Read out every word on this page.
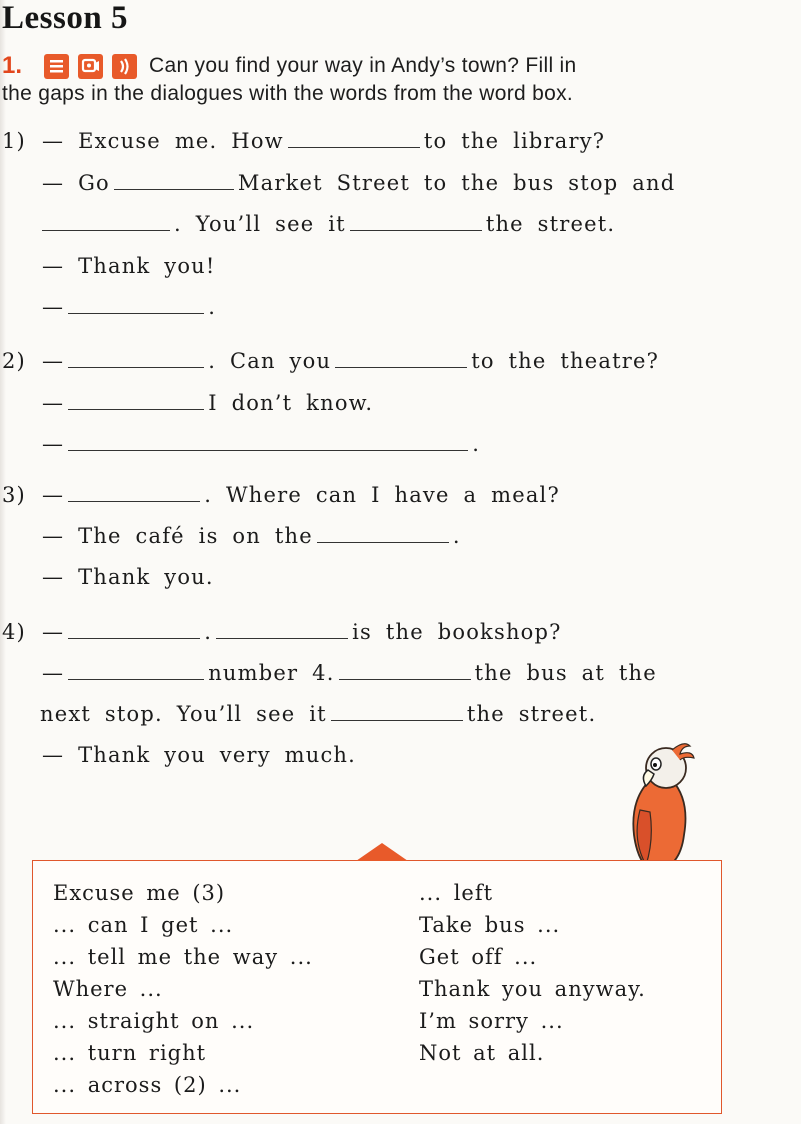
Lesson 5
Can you find your way in Andy’s town? Fill in
the gaps in the dialogues with the words from the word box.
1.
1) — Excuse me. How	to the library?
— Go	Market Street to the bus stop and
. You’ll see it	the street.
— Thank you!
—	.
2) —	. Can you	to the theatre?
—	I don’t know.
—	.
3) —	. Where can I have a meal?
— The café is on the	.
— Thank you.
4) —	.	is the bookshop?
—	number 4.	the bus at the
next stop. You’ll see it	the street.
— Thank you very much.
Excuse me (3)
... can I get ...
... tell me the way ...
Where ...
... straight on ...
... turn right
... across (2) ...
... left
Take bus ...
Get off ...
Thank you anyway.
I’m sorry ...
Not at all.
